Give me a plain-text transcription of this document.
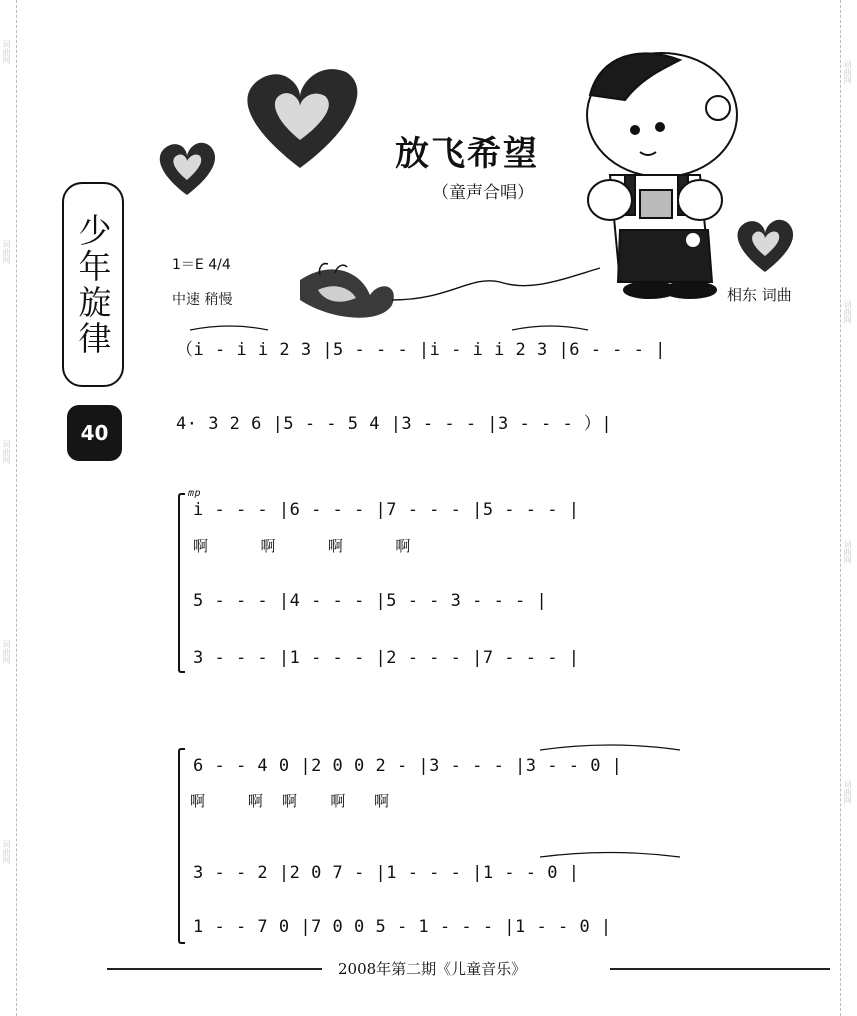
词曲网
词曲网
词曲网
词曲网
词曲网
词曲网
词曲网
词曲网
词曲网
少年旋律
40
放飞希望
（童声合唱）
1＝E 4/4
中速 稍慢	相东 词曲
（i - i i 2 3 |5 - - - |i - i i 2 3 |6 - - - |
4· 3 2 6 |5 - - 5 4 |3 - - - |3 - - - ）|
mp
i - - - |6 - - - |7 - - - |5 - - - |
啊           啊           啊           啊
5 - - - |4 - - - |5 - - 3 - - - |
3 - - - |1 - - - |2 - - - |7 - - - |
6 - - 4 0 |2 0 0 2 - |3 - - - |3 - - 0 |
啊         啊    啊       啊      啊
3 - - 2 |2 0 7 - |1 - - - |1 - - 0 |
1 - - 7 0 |7 0 0 5 - 1 - - - |1 - - 0 |
2008年第二期《儿童音乐》
